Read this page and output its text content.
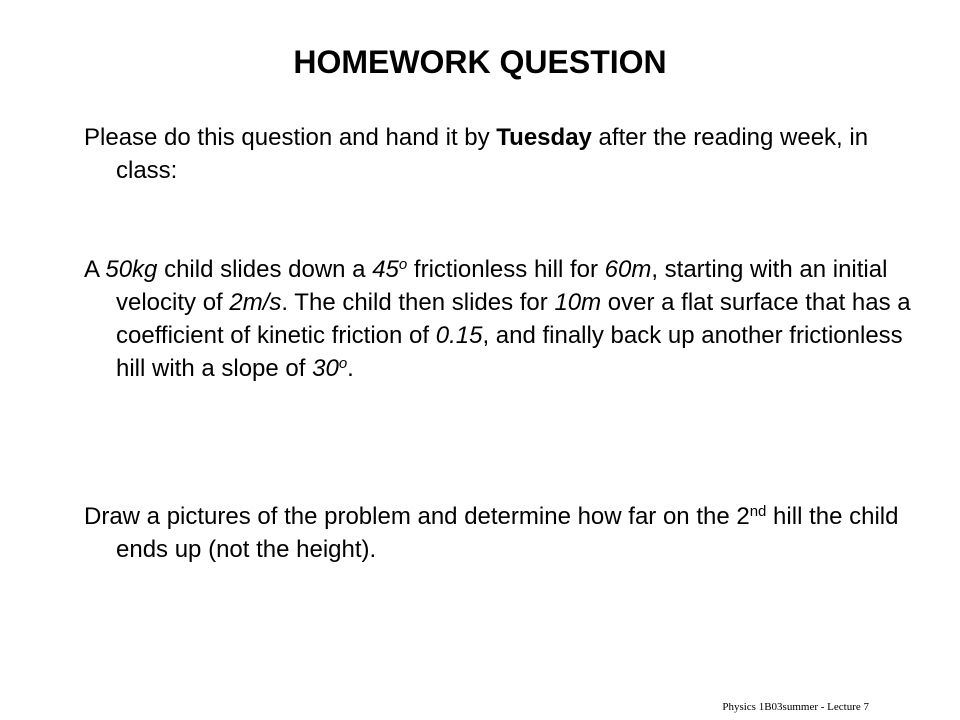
HOMEWORK QUESTION

Please do this question and hand it by Tuesday after the reading week, in class:

A 50kg child slides down a 45$^o$ frictionless hill for 60m, starting with an initial velocity of 2m/s. The child then slides for 10m over a flat surface that has a coefficient of kinetic friction of 0.15, and finally back up another frictionless hill with a slope of 30$^o$.

Draw a pictures of the problem and determine how far on the 2nd hill the child ends up (not the height).

Physics 1B03summer - Lecture 7
